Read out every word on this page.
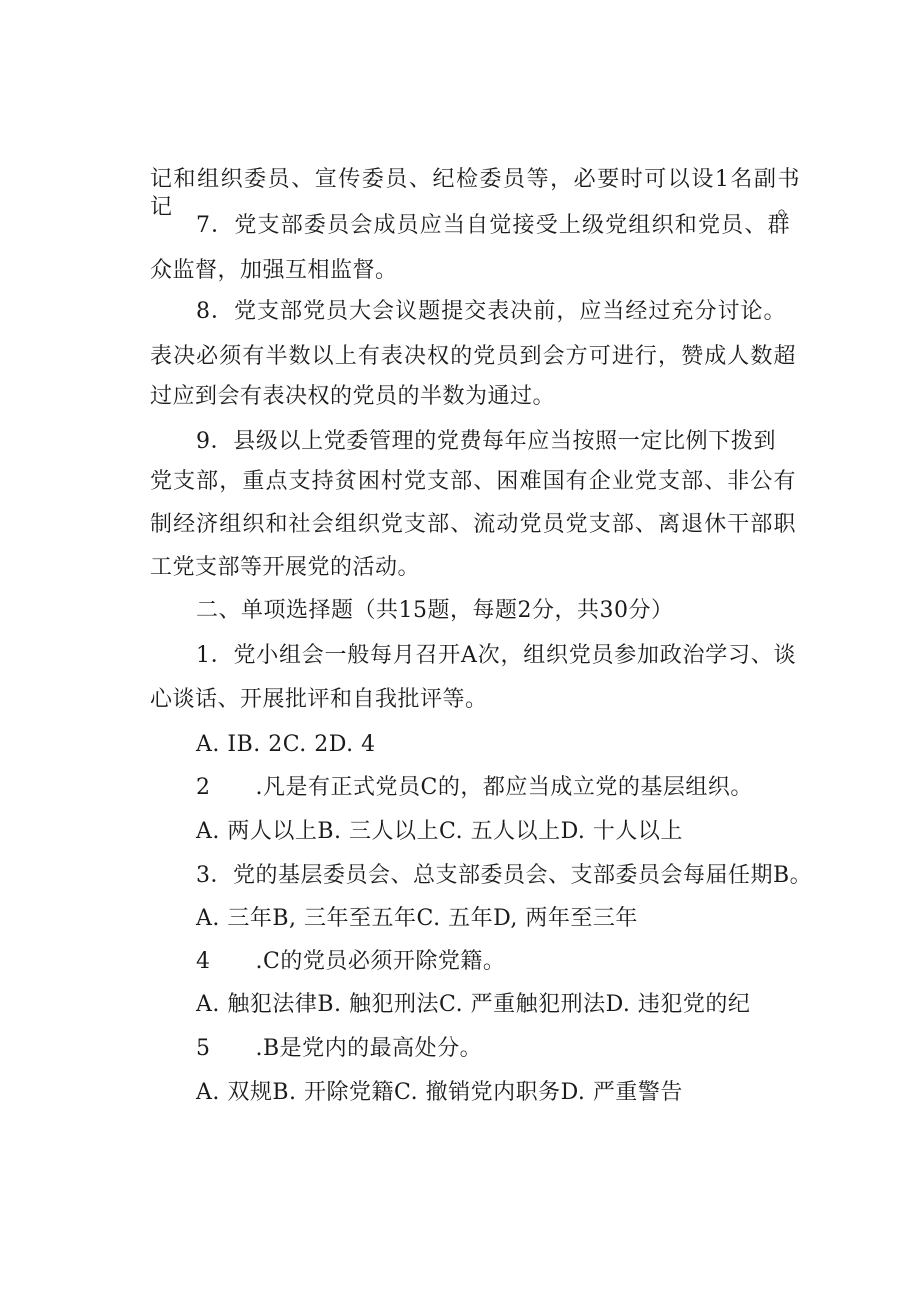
记和组织委员、宣传委员、纪检委员等，必要时可以设1名副书记。
7．党支部委员会成员应当自觉接受上级党组织和党员、群
众监督，加强互相监督。
8．党支部党员大会议题提交表决前，应当经过充分讨论。
表决必须有半数以上有表决权的党员到会方可进行，赞成人数超
过应到会有表决权的党员的半数为通过。
9．县级以上党委管理的党费每年应当按照一定比例下拨到
党支部，重点支持贫困村党支部、困难国有企业党支部、非公有
制经济组织和社会组织党支部、流动党员党支部、离退休干部职
工党支部等开展党的活动。
二、单项选择题（共15题，每题2分，共30分）
1．党小组会一般每月召开A次，组织党员参加政治学习、谈
心谈话、开展批评和自我批评等。
A. IB. 2C. 2D. 4
2　　.凡是有正式党员C的，都应当成立党的基层组织。
A. 两人以上B. 三人以上C. 五人以上D. 十人以上
3．党的基层委员会、总支部委员会、支部委员会每届任期B。
A. 三年B, 三年至五年C. 五年D, 两年至三年
4　　.C的党员必须开除党籍。
A. 触犯法律B. 触犯刑法C. 严重触犯刑法D. 违犯党的纪
5　　.B是党内的最高处分。
A. 双规B. 开除党籍C. 撤销党内职务D. 严重警告
